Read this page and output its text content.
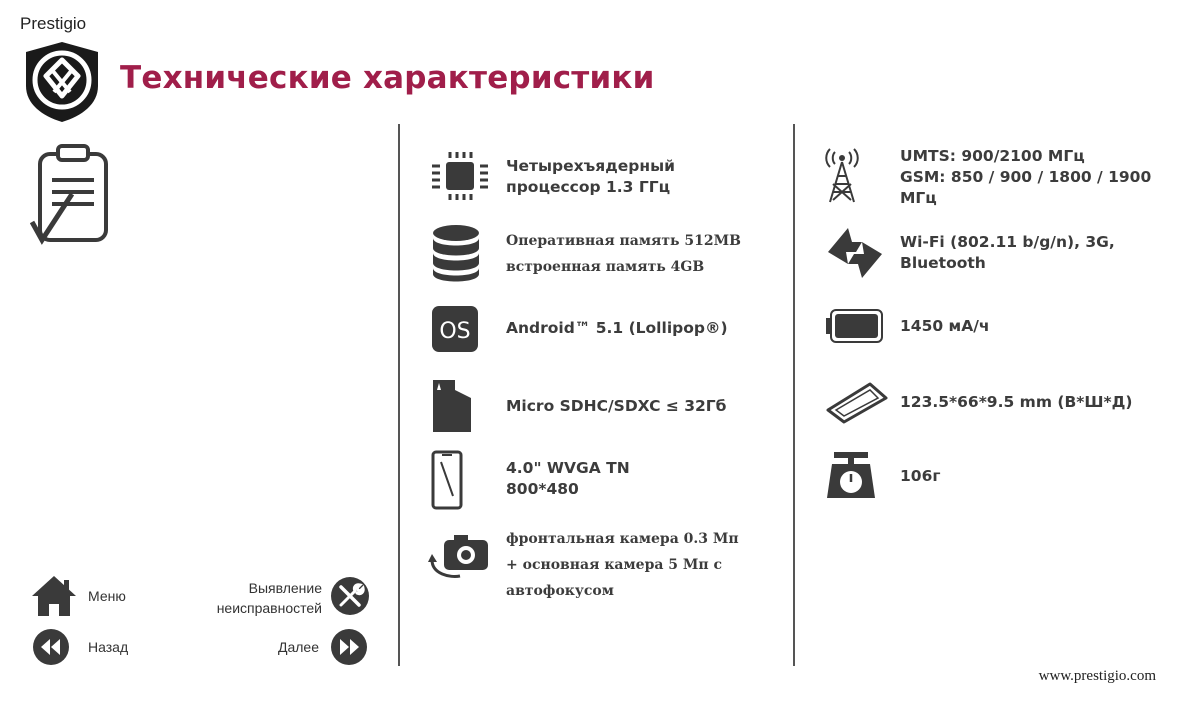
Prestigio
Технические характеристики
Четырехъядерный
процессор 1.3 ГГц
Оперативная память 512MB
встроенная память 4GB
OS Android™ 5.1 (Lollipop®)
Micro SDHC/SDXC ≤ 32Гб
4.0" WVGA TN
800*480
фронтальная камера 0.3 Мп
+ основная камера 5 Мп с
автофокусом
UMTS: 900/2100 МГц
GSM: 850 / 900 / 1800 / 1900
МГц
Wi-Fi (802.11 b/g/n), 3G,
Bluetooth
1450 мА/ч
123.5*66*9.5 mm (В*Ш*Д)
106г
Меню	Выявление
неисправностей
Назад	Далее
www.prestigio.com
